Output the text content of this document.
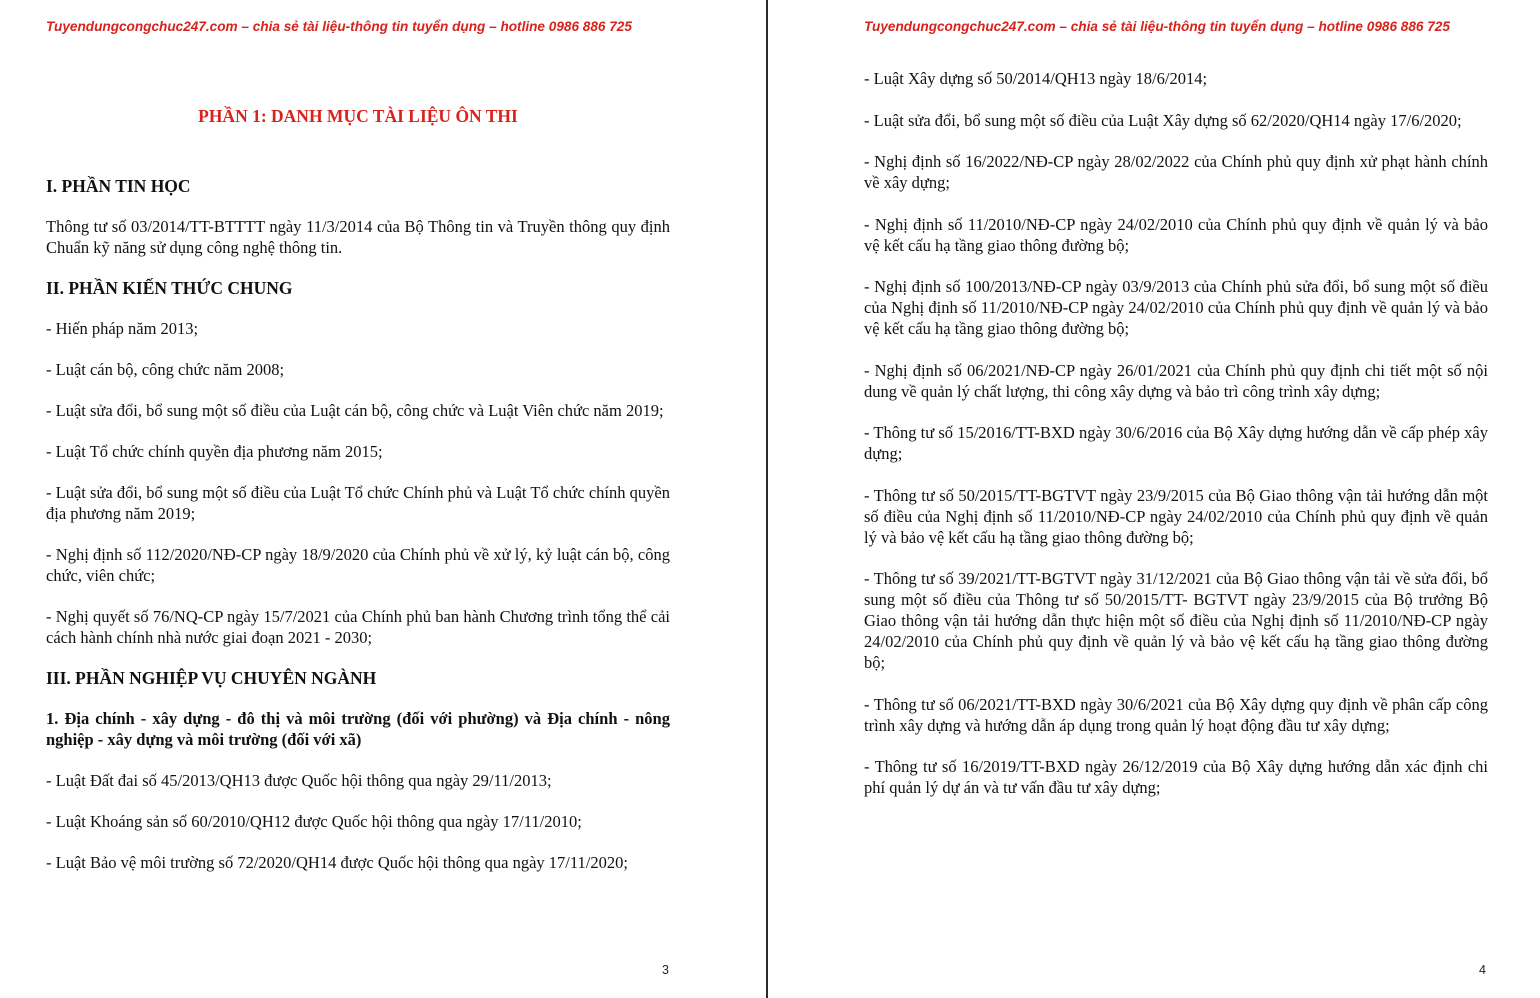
Tuyendungcongchuc247.com – chia sẻ tài liệu-thông tin tuyển dụng – hotline 0986 886 725
PHẦN 1: DANH MỤC TÀI LIỆU ÔN THI
I. PHẦN TIN HỌC
Thông tư số 03/2014/TT-BTTTT ngày 11/3/2014 của Bộ Thông tin và Truyền thông quy định Chuẩn kỹ năng sử dụng công nghệ thông tin.
II. PHẦN KIẾN THỨC CHUNG
- Hiến pháp năm 2013;
- Luật cán bộ, công chức năm 2008;
- Luật sửa đổi, bổ sung một số điều của Luật cán bộ, công chức và Luật Viên chức năm 2019;
- Luật Tổ chức chính quyền địa phương năm 2015;
- Luật sửa đổi, bổ sung một số điều của Luật Tổ chức Chính phủ và Luật Tổ chức chính quyền địa phương năm 2019;
- Nghị định số 112/2020/NĐ-CP ngày 18/9/2020 của Chính phủ về xử lý, kỷ luật cán bộ, công chức, viên chức;
- Nghị quyết số 76/NQ-CP ngày 15/7/2021 của Chính phủ ban hành Chương trình tổng thể cải cách hành chính nhà nước giai đoạn 2021 - 2030;
III. PHẦN NGHIỆP VỤ CHUYÊN NGÀNH
1. Địa chính - xây dựng - đô thị và môi trường (đối với phường) và Địa chính - nông nghiệp - xây dựng và môi trường (đối với xã)
- Luật Đất đai số 45/2013/QH13 được Quốc hội thông qua ngày 29/11/2013;
- Luật Khoáng sản số 60/2010/QH12 được Quốc hội thông qua ngày 17/11/2010;
- Luật Bảo vệ môi trường số 72/2020/QH14 được Quốc hội thông qua ngày 17/11/2020;
3
Tuyendungcongchuc247.com – chia sẻ tài liệu-thông tin tuyển dụng – hotline 0986 886 725
- Luật Xây dựng số 50/2014/QH13 ngày 18/6/2014;
- Luật sửa đổi, bổ sung một số điều của Luật Xây dựng số 62/2020/QH14 ngày 17/6/2020;
- Nghị định số 16/2022/NĐ-CP ngày 28/02/2022 của Chính phủ quy định xử phạt hành chính về xây dựng;
- Nghị định số 11/2010/NĐ-CP ngày 24/02/2010 của Chính phủ quy định về quản lý và bảo vệ kết cấu hạ tầng giao thông đường bộ;
- Nghị định số 100/2013/NĐ-CP ngày 03/9/2013 của Chính phủ sửa đổi, bổ sung một số điều của Nghị định số 11/2010/NĐ-CP ngày 24/02/2010 của Chính phủ quy định về quản lý và bảo vệ kết cấu hạ tầng giao thông đường bộ;
- Nghị định số 06/2021/NĐ-CP ngày 26/01/2021 của Chính phủ quy định chi tiết một số nội dung về quản lý chất lượng, thi công xây dựng và bảo trì công trình xây dựng;
- Thông tư số 15/2016/TT-BXD ngày 30/6/2016 của Bộ Xây dựng hướng dẫn về cấp phép xây dựng;
- Thông tư số 50/2015/TT-BGTVT ngày 23/9/2015 của Bộ Giao thông vận tải hướng dẫn một số điều của Nghị định số 11/2010/NĐ-CP ngày 24/02/2010 của Chính phủ quy định về quản lý và bảo vệ kết cấu hạ tầng giao thông đường bộ;
- Thông tư số 39/2021/TT-BGTVT ngày 31/12/2021 của Bộ Giao thông vận tải về sửa đổi, bổ sung một số điều của Thông tư số 50/2015/TT- BGTVT ngày 23/9/2015 của Bộ trưởng Bộ Giao thông vận tải hướng dẫn thực hiện một số điều của Nghị định số 11/2010/NĐ-CP ngày 24/02/2010 của Chính phủ quy định về quản lý và bảo vệ kết cấu hạ tầng giao thông đường bộ;
- Thông tư số 06/2021/TT-BXD ngày 30/6/2021 của Bộ Xây dựng quy định về phân cấp công trình xây dựng và hướng dẫn áp dụng trong quản lý hoạt động đầu tư xây dựng;
- Thông tư số 16/2019/TT-BXD ngày 26/12/2019 của Bộ Xây dựng hướng dẫn xác định chi phí quản lý dự án và tư vấn đầu tư xây dựng;
4
